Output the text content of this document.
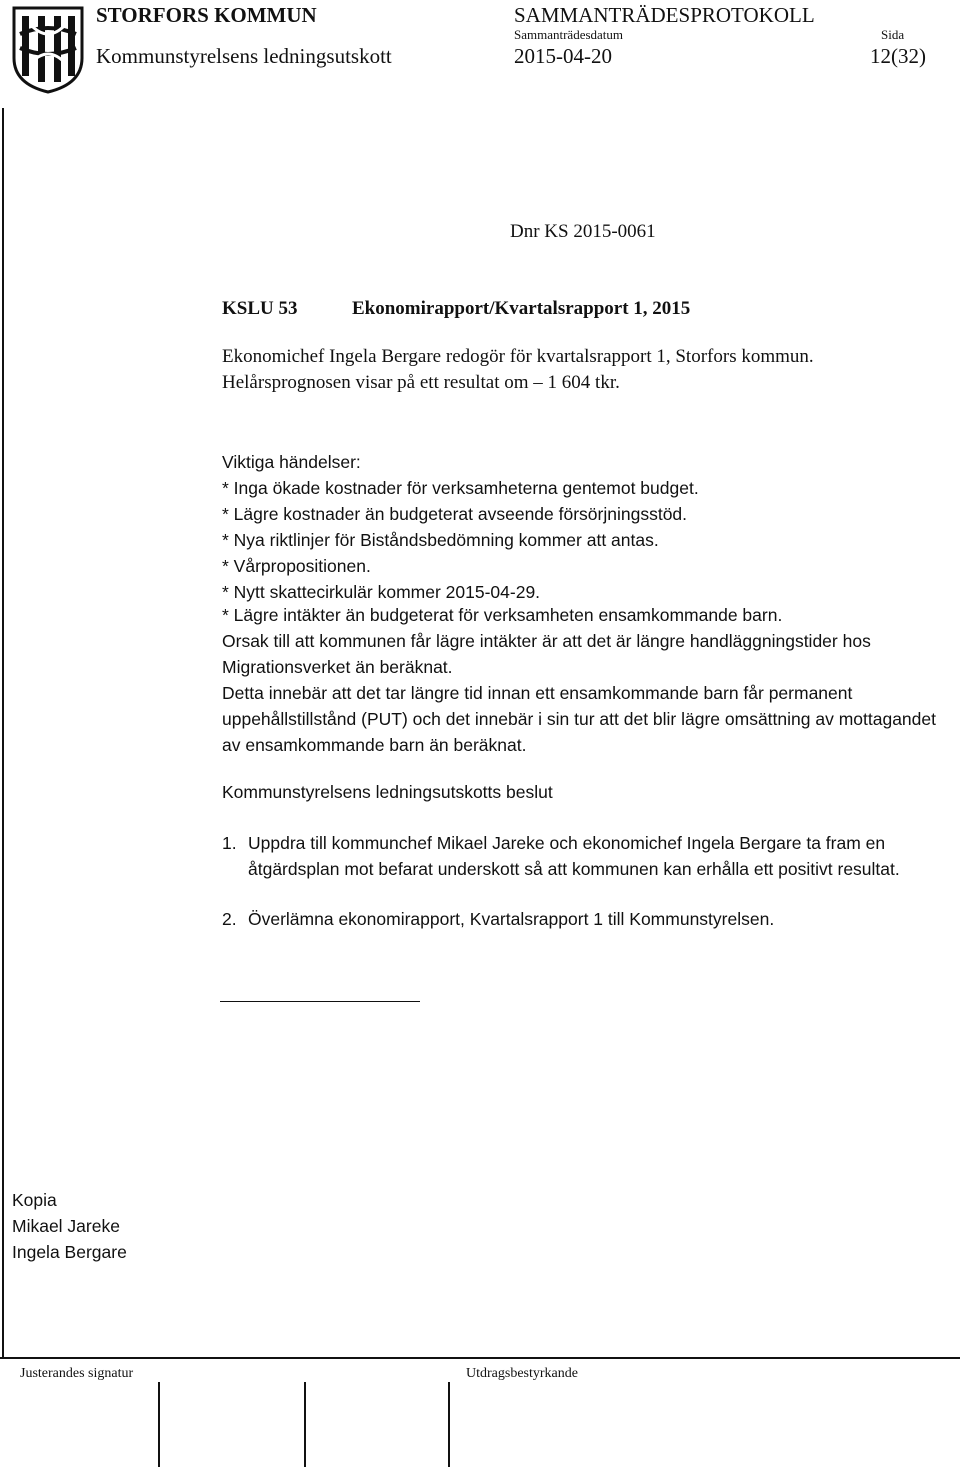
STORFORS KOMMUN
Kommunstyrelsens ledningsutskott
SAMMANTRÄDESPROTOKOLL
Sammanträdesdatum
2015-04-20
Sida
12(32)
Dnr KS 2015-0061
KSLU 53	Ekonomirapport/Kvartalsrapport 1, 2015

Ekonomichef Ingela Bergare redogör för kvartalsrapport 1, Storfors kommun.

Helårsprognosen visar på ett resultat om – 1 604 tkr.

Viktiga händelser:

* Inga ökade kostnader för verksamheterna gentemot budget.

* Lägre kostnader än budgeterat avseende försörjningsstöd.

* Nya riktlinjer för Biståndsbedömning kommer att antas.

* Vårpropositionen.

* Nytt skattecirkulär kommer 2015-04-29.

* Lägre intäkter än budgeterat för verksamheten ensamkommande barn.

Orsak till att kommunen får lägre intäkter är att det är längre handläggningstider hos Migrationsverket än beräknat.

Detta innebär att det tar längre tid innan ett ensamkommande barn får permanent uppehållstillstånd (PUT) och det innebär i sin tur att det blir lägre omsättning av mottagandet av ensamkommande barn än beräknat.

Kommunstyrelsens ledningsutskotts beslut
1. Uppdra till kommunchef Mikael Jareke och ekonomichef Ingela Bergare ta fram en åtgärdsplan mot befarat underskott så att kommunen kan erhålla ett positivt resultat.
2. Överlämna ekonomirapport, Kvartalsrapport 1 till Kommunstyrelsen.
Kopia
Mikael Jareke
Ingela Bergare
Justerandes signatur	Utdragsbestyrkande
